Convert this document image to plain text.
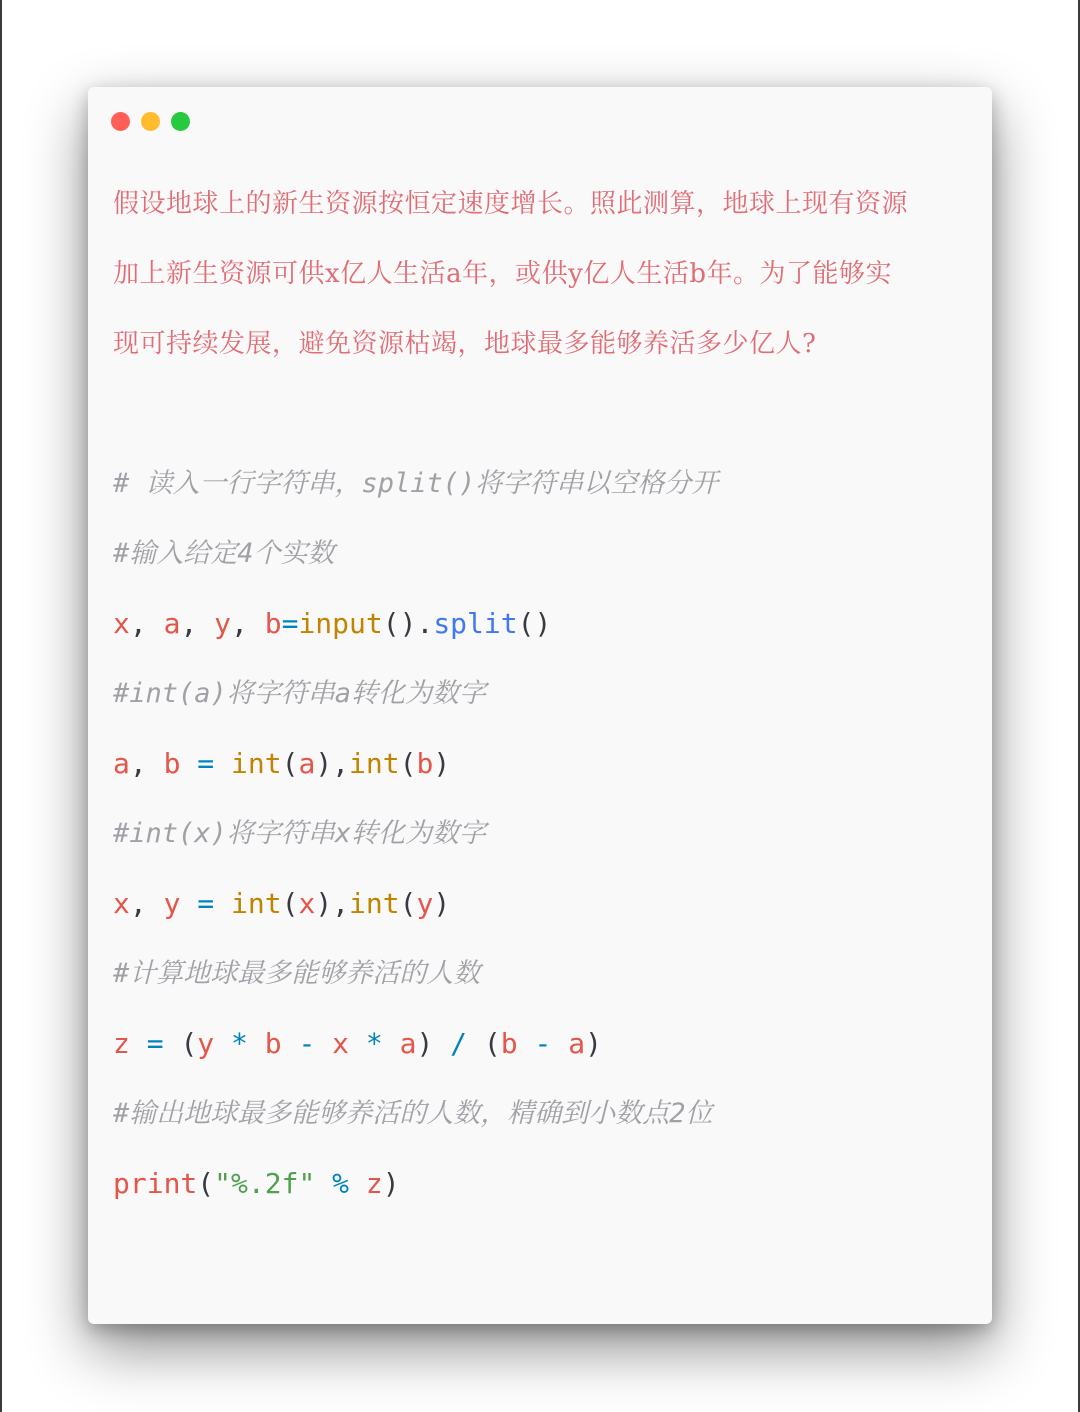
假设地球上的新生资源按恒定速度增长。照此测算，地球上现有资源
加上新生资源可供x亿人生活a年，或供y亿人生活b年。为了能够实
现可持续发展，避免资源枯竭，地球最多能够养活多少亿人?
# 读入一行字符串，split()将字符串以空格分开
#输入给定4个实数
x, a, y, b=input().split()
#int(a)将字符串a转化为数字
a, b = int(a),int(b)
#int(x)将字符串x转化为数字
x, y = int(x),int(y)
#计算地球最多能够养活的人数
z = (y * b - x * a) / (b - a)
#输出地球最多能够养活的人数，精确到小数点2位
print("%.2f" % z)
